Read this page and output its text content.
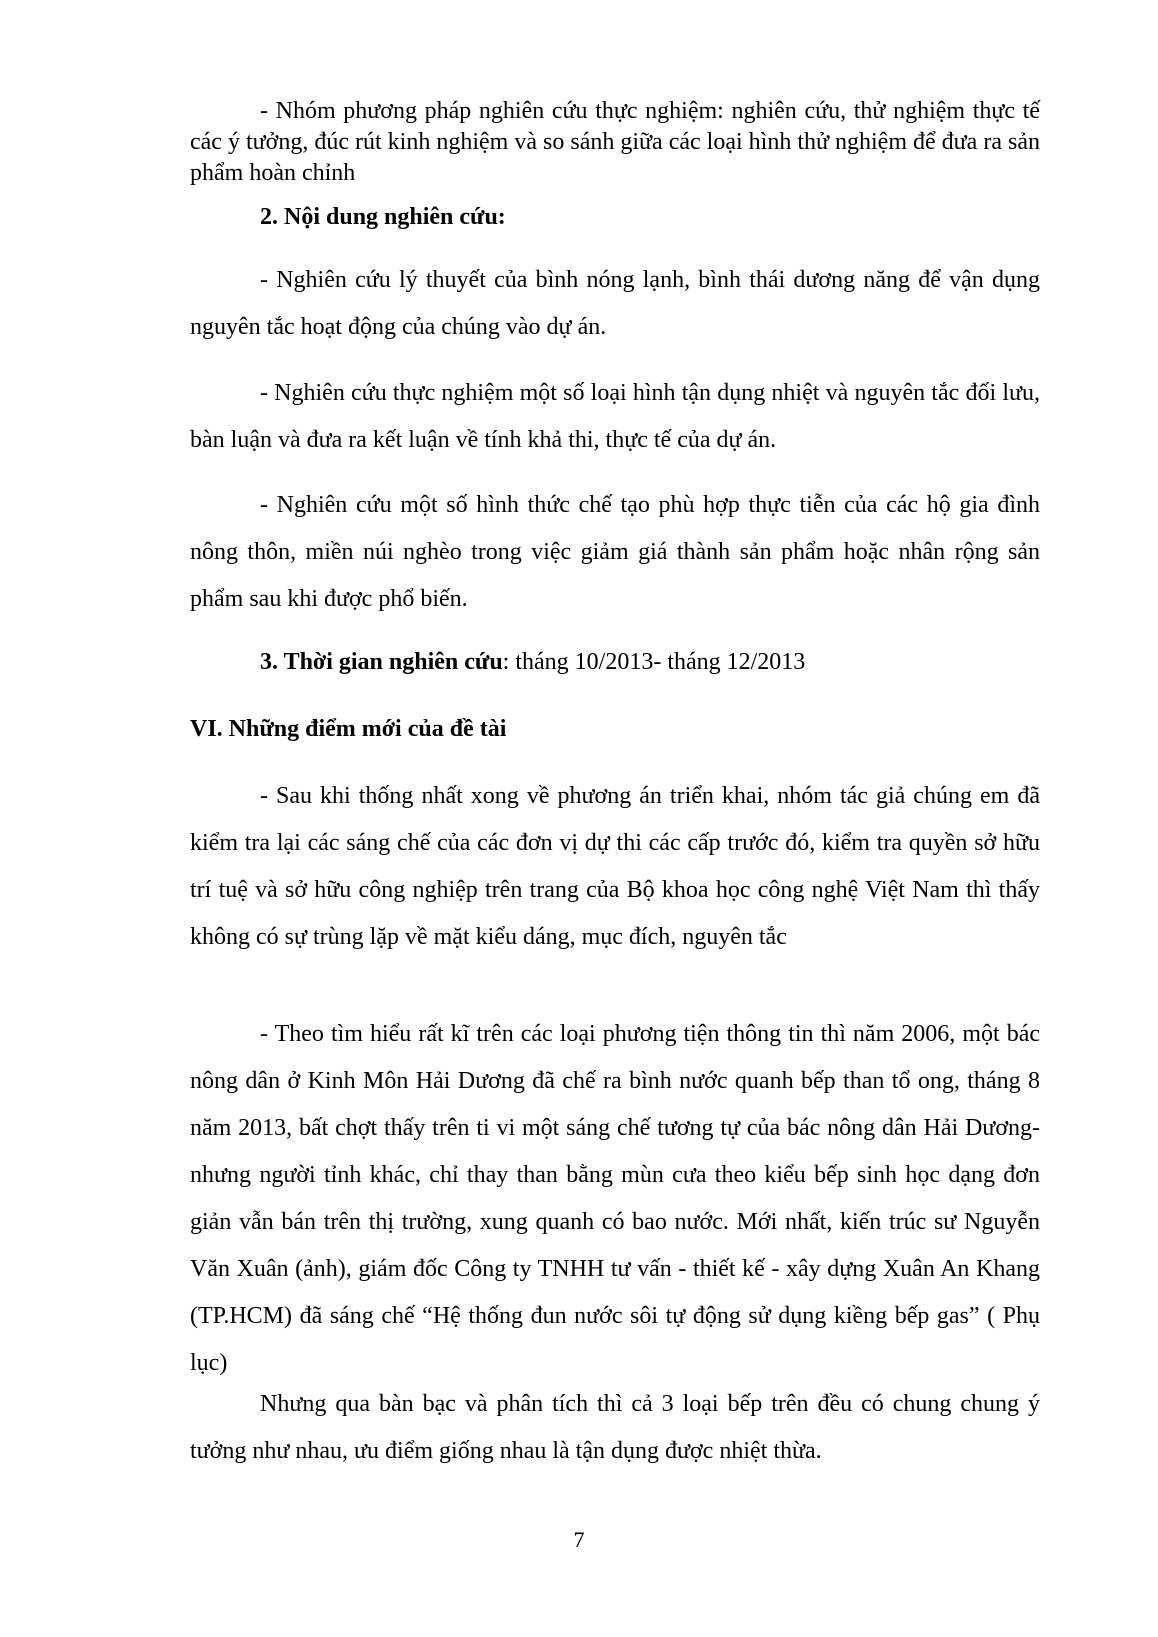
- Nhóm phương pháp nghiên cứu thực nghiệm: nghiên cứu, thử nghiệm thực tế các ý tưởng, đúc rút kinh nghiệm và so sánh giữa các loại hình thử nghiệm để đưa ra sản phẩm hoàn chỉnh

2. Nội dung nghiên cứu:

- Nghiên cứu lý thuyết của bình nóng lạnh, bình thái dương năng để vận dụng nguyên tắc hoạt động của chúng vào dự án.

- Nghiên cứu thực nghiệm một số loại hình tận dụng nhiệt và nguyên tắc đối lưu, bàn luận và đưa ra kết luận về tính khả thi, thực tế của dự án.

- Nghiên cứu một số hình thức chế tạo phù hợp thực tiễn của các hộ gia đình nông thôn, miền núi nghèo trong việc giảm giá thành sản phẩm hoặc nhân rộng sản phẩm sau khi được phổ biến.

3. Thời gian nghiên cứu: tháng 10/2013- tháng 12/2013

VI. Những điểm mới của đề tài

- Sau khi thống nhất xong về phương án triển khai, nhóm tác giả chúng em đã kiểm tra lại các sáng chế của các đơn vị dự thi các cấp trước đó, kiểm tra quyền sở hữu trí tuệ và sở hữu công nghiệp trên trang của Bộ khoa học công nghệ Việt Nam thì thấy không có sự trùng lặp về mặt kiểu dáng, mục đích, nguyên tắc

- Theo tìm hiểu rất kĩ trên các loại phương tiện thông tin thì năm 2006, một bác nông dân ở Kinh Môn Hải Dương đã chế ra bình nước quanh bếp than tổ ong, tháng 8 năm 2013, bất chợt thấy trên ti vi một sáng chế tương tự của bác nông dân Hải Dương- nhưng người tỉnh khác, chỉ thay than bằng mùn cưa theo kiểu bếp sinh học dạng đơn giản vẫn bán trên thị trường, xung quanh có bao nước. Mới nhất, kiến trúc sư Nguyễn Văn Xuân (ảnh), giám đốc Công ty TNHH tư vấn - thiết kế - xây dựng Xuân An Khang (TP.HCM) đã sáng chế “Hệ thống đun nước sôi tự động sử dụng kiềng bếp gas” ( Phụ lục)

Nhưng qua bàn bạc và phân tích thì cả 3 loại bếp trên đều có chung chung ý tưởng như nhau, ưu điểm giống nhau là tận dụng được nhiệt thừa.

7
